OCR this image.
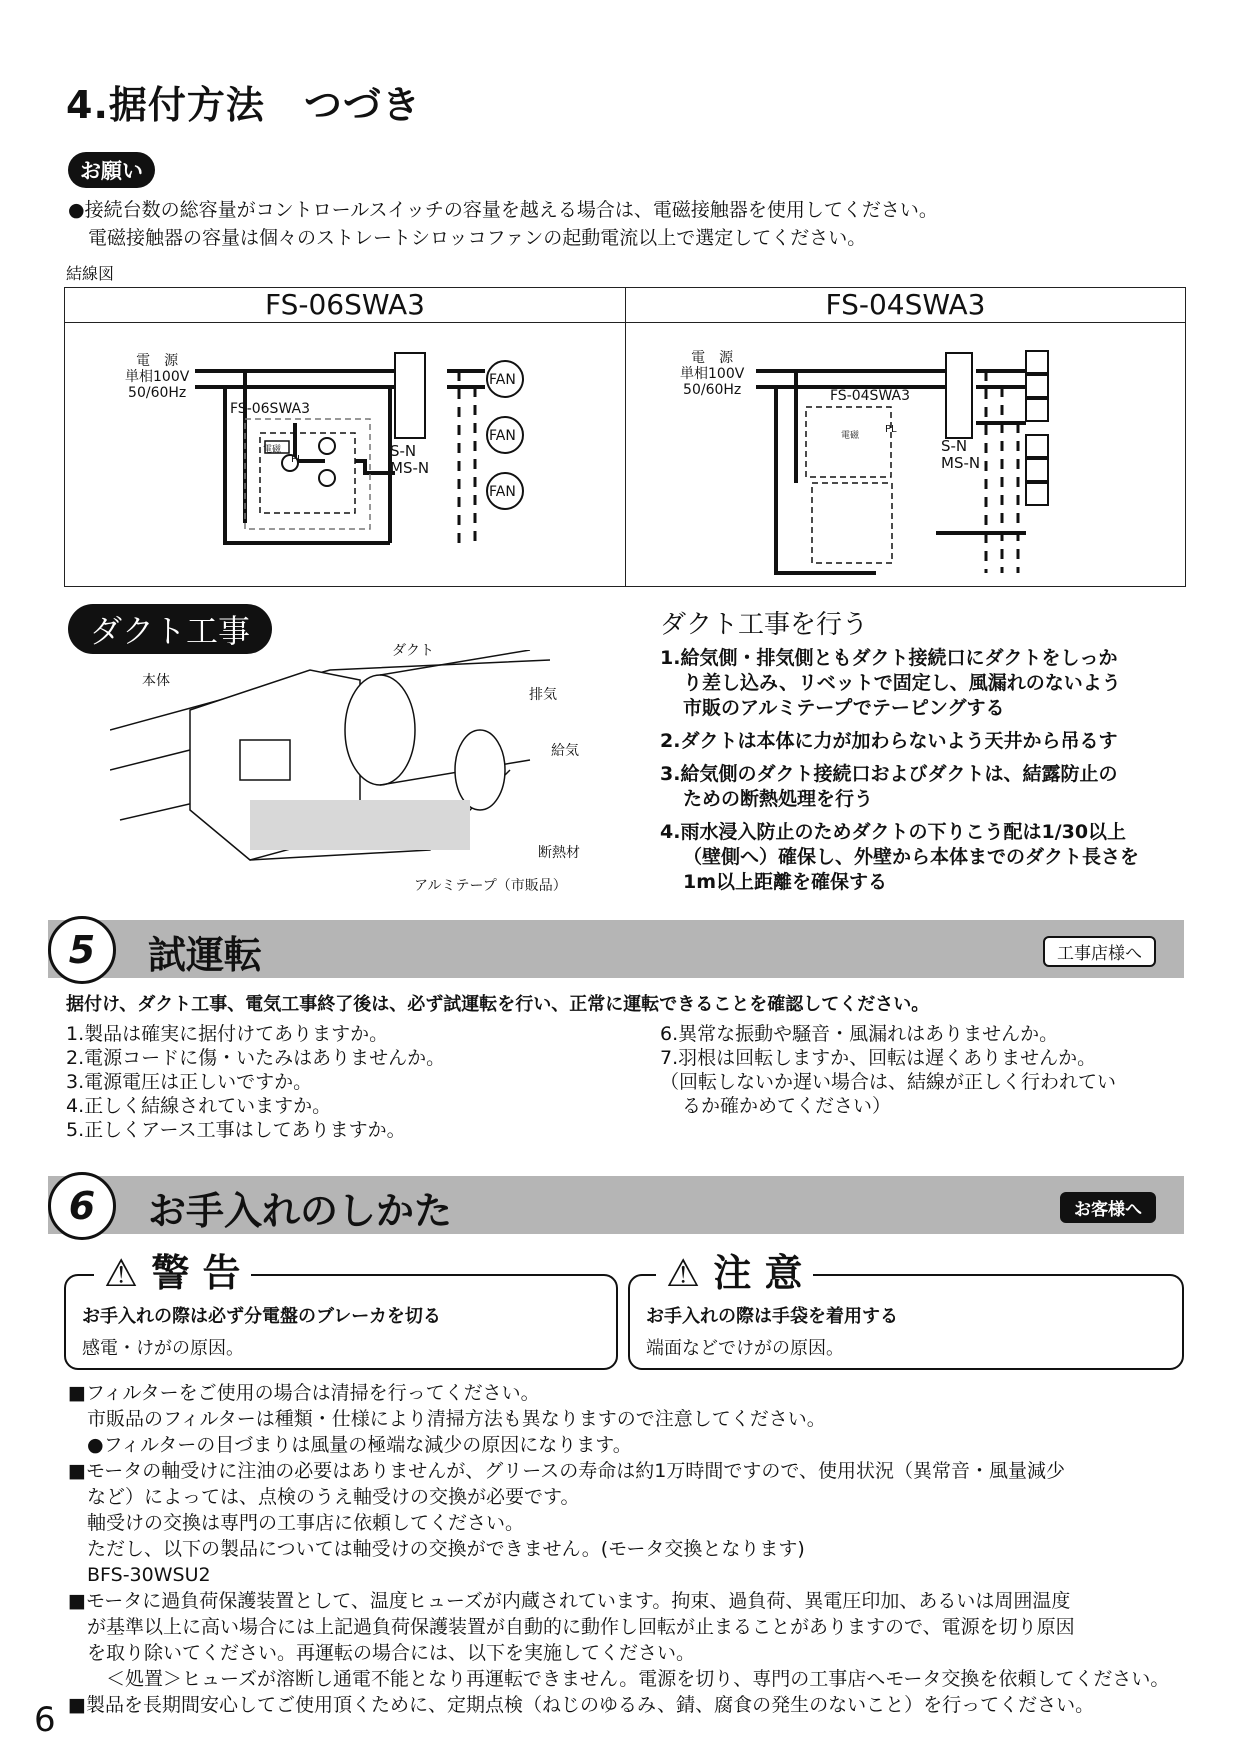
4.据付方法　つづき
お願い
●接続台数の総容量がコントロールスイッチの容量を越える場合は、電磁接触器を使用してください。
電磁接触器の容量は個々のストレートシロッコファンの起動電流以上で選定してください。
結線図
FS-06SWA3	FS-04SWA3
電　源
単相100V
50/60Hz
FS-06SWA3
PL
電磁	S-N
MS-N
FAN
FAN
FAN
電　源
単相100V
50/60Hz	FS-04SWA3
PL
電磁
S-N
MS-N
ダクト工事
本体
ダクト
排気
給気
断熱材
アルミテープ（市販品）
ダクト工事を行う
1.給気側・排気側ともダクト接続口にダクトをしっか
り差し込み、リベットで固定し、風漏れのないよう
市販のアルミテープでテーピングする
2.ダクトは本体に力が加わらないよう天井から吊るす
3.給気側のダクト接続口およびダクトは、結露防止の
ための断熱処理を行う
4.雨水浸入防止のためダクトの下りこう配は1/30以上
（壁側へ）確保し、外壁から本体までのダクト長さを
1m以上距離を確保する
5	試運転	工事店様へ
据付け、ダクト工事、電気工事終了後は、必ず試運転を行い、正常に運転できることを確認してください。
1.製品は確実に据付けてありますか。
2.電源コードに傷・いたみはありませんか。
3.電源電圧は正しいですか。
4.正しく結線されていますか。
5.正しくアース工事はしてありますか。
6.異常な振動や騒音・風漏れはありませんか。
7.羽根は回転しますか、回転は遅くありませんか。
（回転しないか遅い場合は、結線が正しく行われてい
るか確かめてください）
6	お手入れのしかた	お客様へ
⚠ 警 告
お手入れの際は必ず分電盤のブレーカを切る
感電・けがの原因。
⚠ 注 意
お手入れの際は手袋を着用する
端面などでけがの原因。
■フィルターをご使用の場合は清掃を行ってください。
　市販品のフィルターは種類・仕様により清掃方法も異なりますので注意してください。
　●フィルターの目づまりは風量の極端な減少の原因になります。
■モータの軸受けに注油の必要はありませんが、グリースの寿命は約1万時間ですので、使用状況（異常音・風量減少
　など）によっては、点検のうえ軸受けの交換が必要です。
　軸受けの交換は専門の工事店に依頼してください。
　ただし、以下の製品については軸受けの交換ができません。(モータ交換となります)
　BFS-30WSU2
■モータに過負荷保護装置として、温度ヒューズが内蔵されています。拘束、過負荷、異電圧印加、あるいは周囲温度
　が基準以上に高い場合には上記過負荷保護装置が自動的に動作し回転が止まることがありますので、電源を切り原因
　を取り除いてください。再運転の場合には、以下を実施してください。
　　＜処置＞ヒューズが溶断し通電不能となり再運転できません。電源を切り、専門の工事店へモータ交換を依頼してください。
■製品を長期間安心してご使用頂くために、定期点検（ねじのゆるみ、錆、腐食の発生のないこと）を行ってください。
6
